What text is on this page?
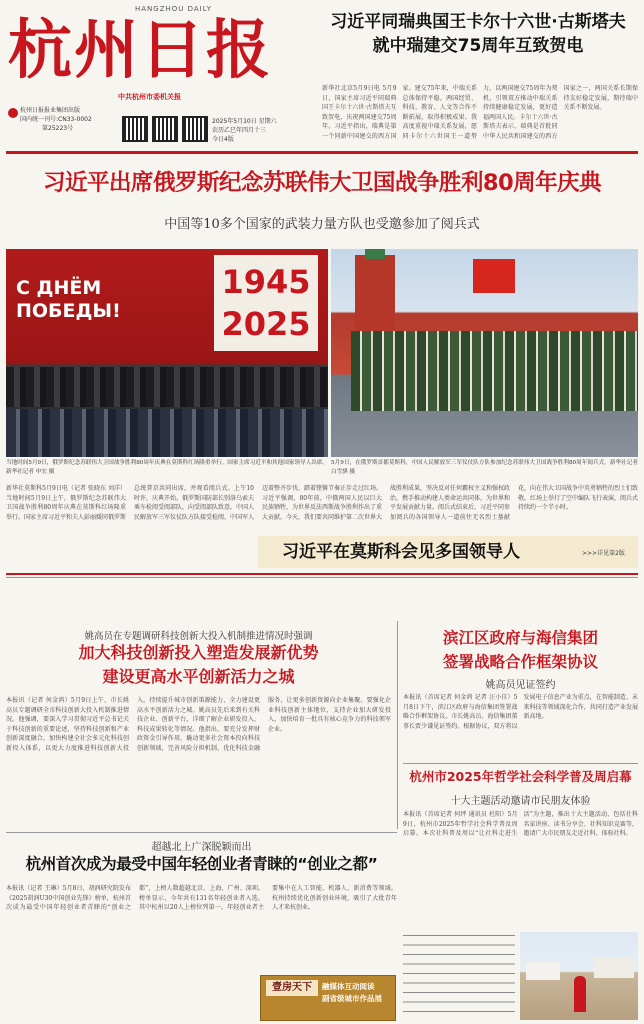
HANGZHOU DAILY
杭州日报
中共杭州市委机关报
杭州日报报业集团出版
国内统一刊号:CN33-0002
第25223号
2025年5月10日 星期六
农历乙巳年四月十三
今日4版
习近平同瑞典国王卡尔十六世·古斯塔夫
就中瑞建交75周年互致贺电
新华社北京5月9日电 5月9日，国家主席习近平同瑞典国王卡尔十六世·古斯塔夫互致贺电，庆祝两国建交75周年。习近平指出，瑞典是第一个同新中国建交的西方国家。建交75年来，中瑞关系总体保持平稳，两国经贸、科技、教育、人文等合作不断拓展，取得积极成果。我高度重视中瑞关系发展，愿同卡尔十六世国王一道努力，以两国建交75周年为契机，引领双方推动中瑞关系持续健康稳定发展，更好造福两国人民。卡尔十六世·古斯塔夫表示，瑞典是首批同中华人民共和国建交的西方国家之一，两国关系长期保持友好稳定发展，期待瑞中关系不断发展。
习近平出席俄罗斯纪念苏联伟大卫国战争胜利80周年庆典
中国等10多个国家的武装力量方队也受邀参加了阅兵式
С ДНЁМ
ПОБЕДЫ!
1945
2025
当地时间5月9日，俄罗斯纪念苏联伟大卫国战争胜利80周年庆典在莫斯科红场隆重举行。国家主席习近平和其他国家领导人出席。新华社记者 申宏 摄
5月9日，在俄罗斯首都莫斯科，中国人民解放军三军仪仗队方队参加纪念苏联伟大卫国战争胜利80周年阅兵式。新华社记者 白雪骐 摄
新华社莫斯科5月9日电（记者 张晓东 刘洋）当地时间5月9日上午，俄罗斯纪念苏联伟大卫国战争胜利80周年庆典在莫斯科红场隆重举行。国家主席习近平和夫人彭丽媛同俄罗斯总统普京共同出席，并观看阅兵式。上午10时许，庆典开始。俄罗斯国防部长别洛乌索夫乘车检阅受阅部队，向受阅部队致意。中国人民解放军三军仪仗队方队接受检阅，中国军人迈着整齐步伐、踏着铿锵节奏正步走过红场。习近平强调，80年前，中俄两国人民以巨大民族牺牲，为世界反法西斯战争胜利作出了重大贡献。今天，我们要共同维护第二次世界大战胜利成果，坚决反对任何霸权主义和强权政治，携手推动构建人类命运共同体，为世界和平发展贡献力量。阅兵式结束后，习近平同参加阅兵的各国领导人一道前往无名烈士墓献花，向在伟大卫国战争中英勇牺牲的烈士们致敬。红场上举行了空中编队飞行表演，阅兵式持续约一个半小时。
习近平在莫斯科会见多国领导人	>>>详见第2版
姚高员在专题调研科技创新大投入机制推进情况时强调
加大科技创新投入塑造发展新优势
建设更高水平创新活力之城
本报讯（记者 何金鸿）5月9日上午，市长姚高员专题调研全市科技创新大投入机制推进情况。他强调，要深入学习贯彻习近平总书记关于科技创新的重要论述，坚持科技创新和产业创新深度融合，加快构建全社会多元化科技创新投入体系，以更大力度推进科技创新大投入，持续提升城市创新策源能力，全力建设更高水平创新活力之城。姚高员先后来到有关科技企业、创新平台，详细了解企业研发投入、科技成果转化等情况。他指出，要充分发挥财政资金引导作用，撬动更多社会资本投向科技创新领域，完善风险分担机制，优化科技金融服务，让更多创新资源向企业集聚。要强化企业科技创新主体地位，支持企业加大研发投入，加快培育一批具有核心竞争力的科技领军企业。
滨江区政府与海信集团
签署战略合作框架协议
姚高员见证签约
本报讯（首席记者 何金鸿 记者 汪小佳）5月8日下午，滨江区政府与海信集团签署战略合作框架协议。市长姚高员、海信集团董事长贾少谦见证签约。根据协议，双方将以发展电子信息产业为重点，在智能制造、未来科技等领域深化合作，共同打造产业发展新高地。
杭州市2025年哲学社会科学普及周启幕
十大主题活动邀请市民朋友体验
本报讯（首席记者 何坪 通讯员 杜阳）5月9日，杭州市2025年哲学社会科学普及周启幕。本次社科普及周以“让社科走进生活”为主题，推出十大主题活动，包括社科名家讲座、读书分享会、社科知识竞赛等，邀请广大市民朋友走近社科、体验社科。
超越北上广深脱颖而出
杭州首次成为最受中国年轻创业者青睐的“创业之都”
本报讯（记者 王琳）5月8日，胡润研究院发布《2025胡润U30中国创业先锋》榜单，杭州首次成为最受中国年轻创业者青睐的“创业之都”，上榜人数超越北京、上海、广州、深圳。榜单显示，今年共有131名年轻创业者入选，其中杭州以20人上榜位列第一。年轻创业者主要集中在人工智能、机器人、新消费等领域。杭州持续优化创新创业环境，吸引了大批青年人才来杭创业。
壹房天下	融媒体互动阅读
副省级城市作品展
